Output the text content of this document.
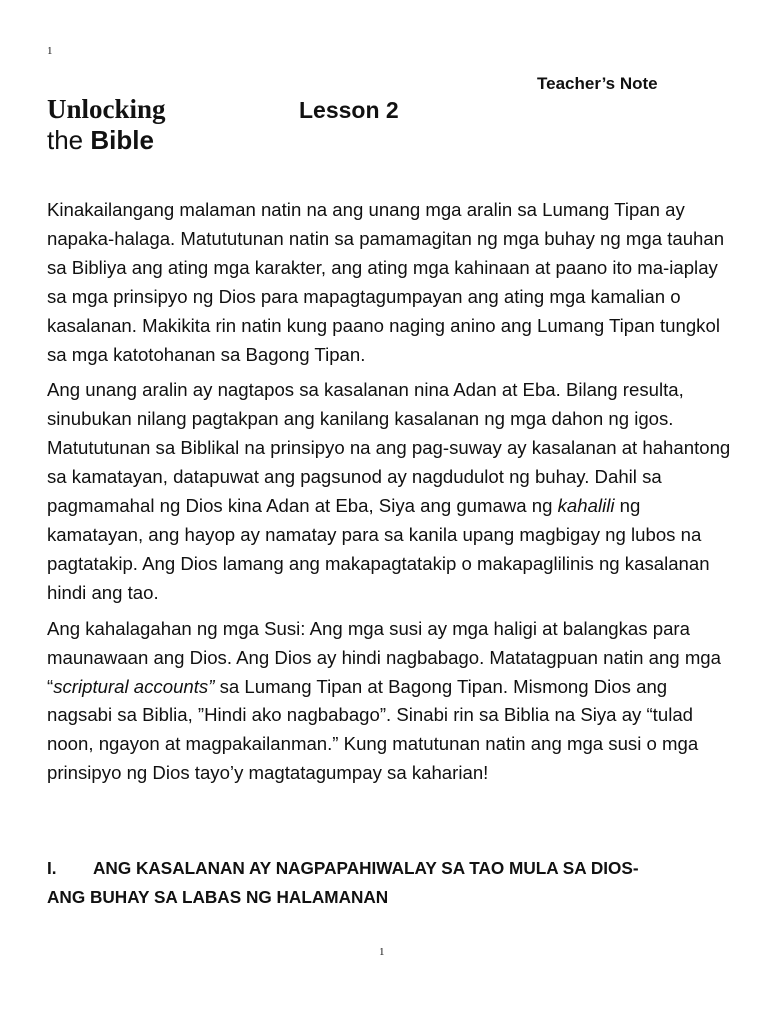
1
Teacher’s Note
Unlocking	Lesson 2
the Bible

Kinakailangang malaman natin na ang unang mga aralin sa Lumang Tipan ay napaka-halaga. Matututunan natin sa pamamagitan ng mga buhay ng mga tauhan sa Bibliya ang ating mga karakter, ang ating mga kahinaan at paano ito ma-iaplay sa mga prinsipyo ng Dios para mapagtagumpayan ang ating mga kamalian o kasalanan. Makikita rin natin kung paano naging anino ang Lumang Tipan tungkol sa mga katotohanan sa Bagong Tipan.

Ang unang aralin ay nagtapos sa kasalanan nina Adan at Eba. Bilang resulta, sinubukan nilang pagtakpan ang kanilang kasalanan ng mga dahon ng igos. Matututunan sa Biblikal na prinsipyo na ang pag-suway ay kasalanan at hahantong sa kamatayan, datapuwat ang pagsunod ay nagdudulot ng buhay. Dahil sa pagmamahal ng Dios kina Adan at Eba, Siya ang gumawa ng kahalili ng kamatayan, ang hayop ay namatay para sa kanila upang magbigay ng lubos na pagtatakip. Ang Dios lamang ang makapagtatakip o makapaglilinis ng kasalanan hindi ang tao.

Ang kahalagahan ng mga Susi: Ang mga susi ay mga haligi at balangkas para maunawaan ang Dios. Ang Dios ay hindi nagbabago. Matatagpuan natin ang mga “scriptural accounts” sa Lumang Tipan at Bagong Tipan. Mismong Dios ang nagsabi sa Biblia, ”Hindi ako nagbabago”. Sinabi rin sa Biblia na Siya ay “tulad noon, ngayon at magpakailanman.” Kung matutunan natin ang mga susi o mga prinsipyo ng Dios tayo’y magtatagumpay sa kaharian!

I. ANG KASALANAN AY NAGPAPAHIWALAY SA TAO MULA SA DIOS-
ANG BUHAY SA LABAS NG HALAMANAN
1
